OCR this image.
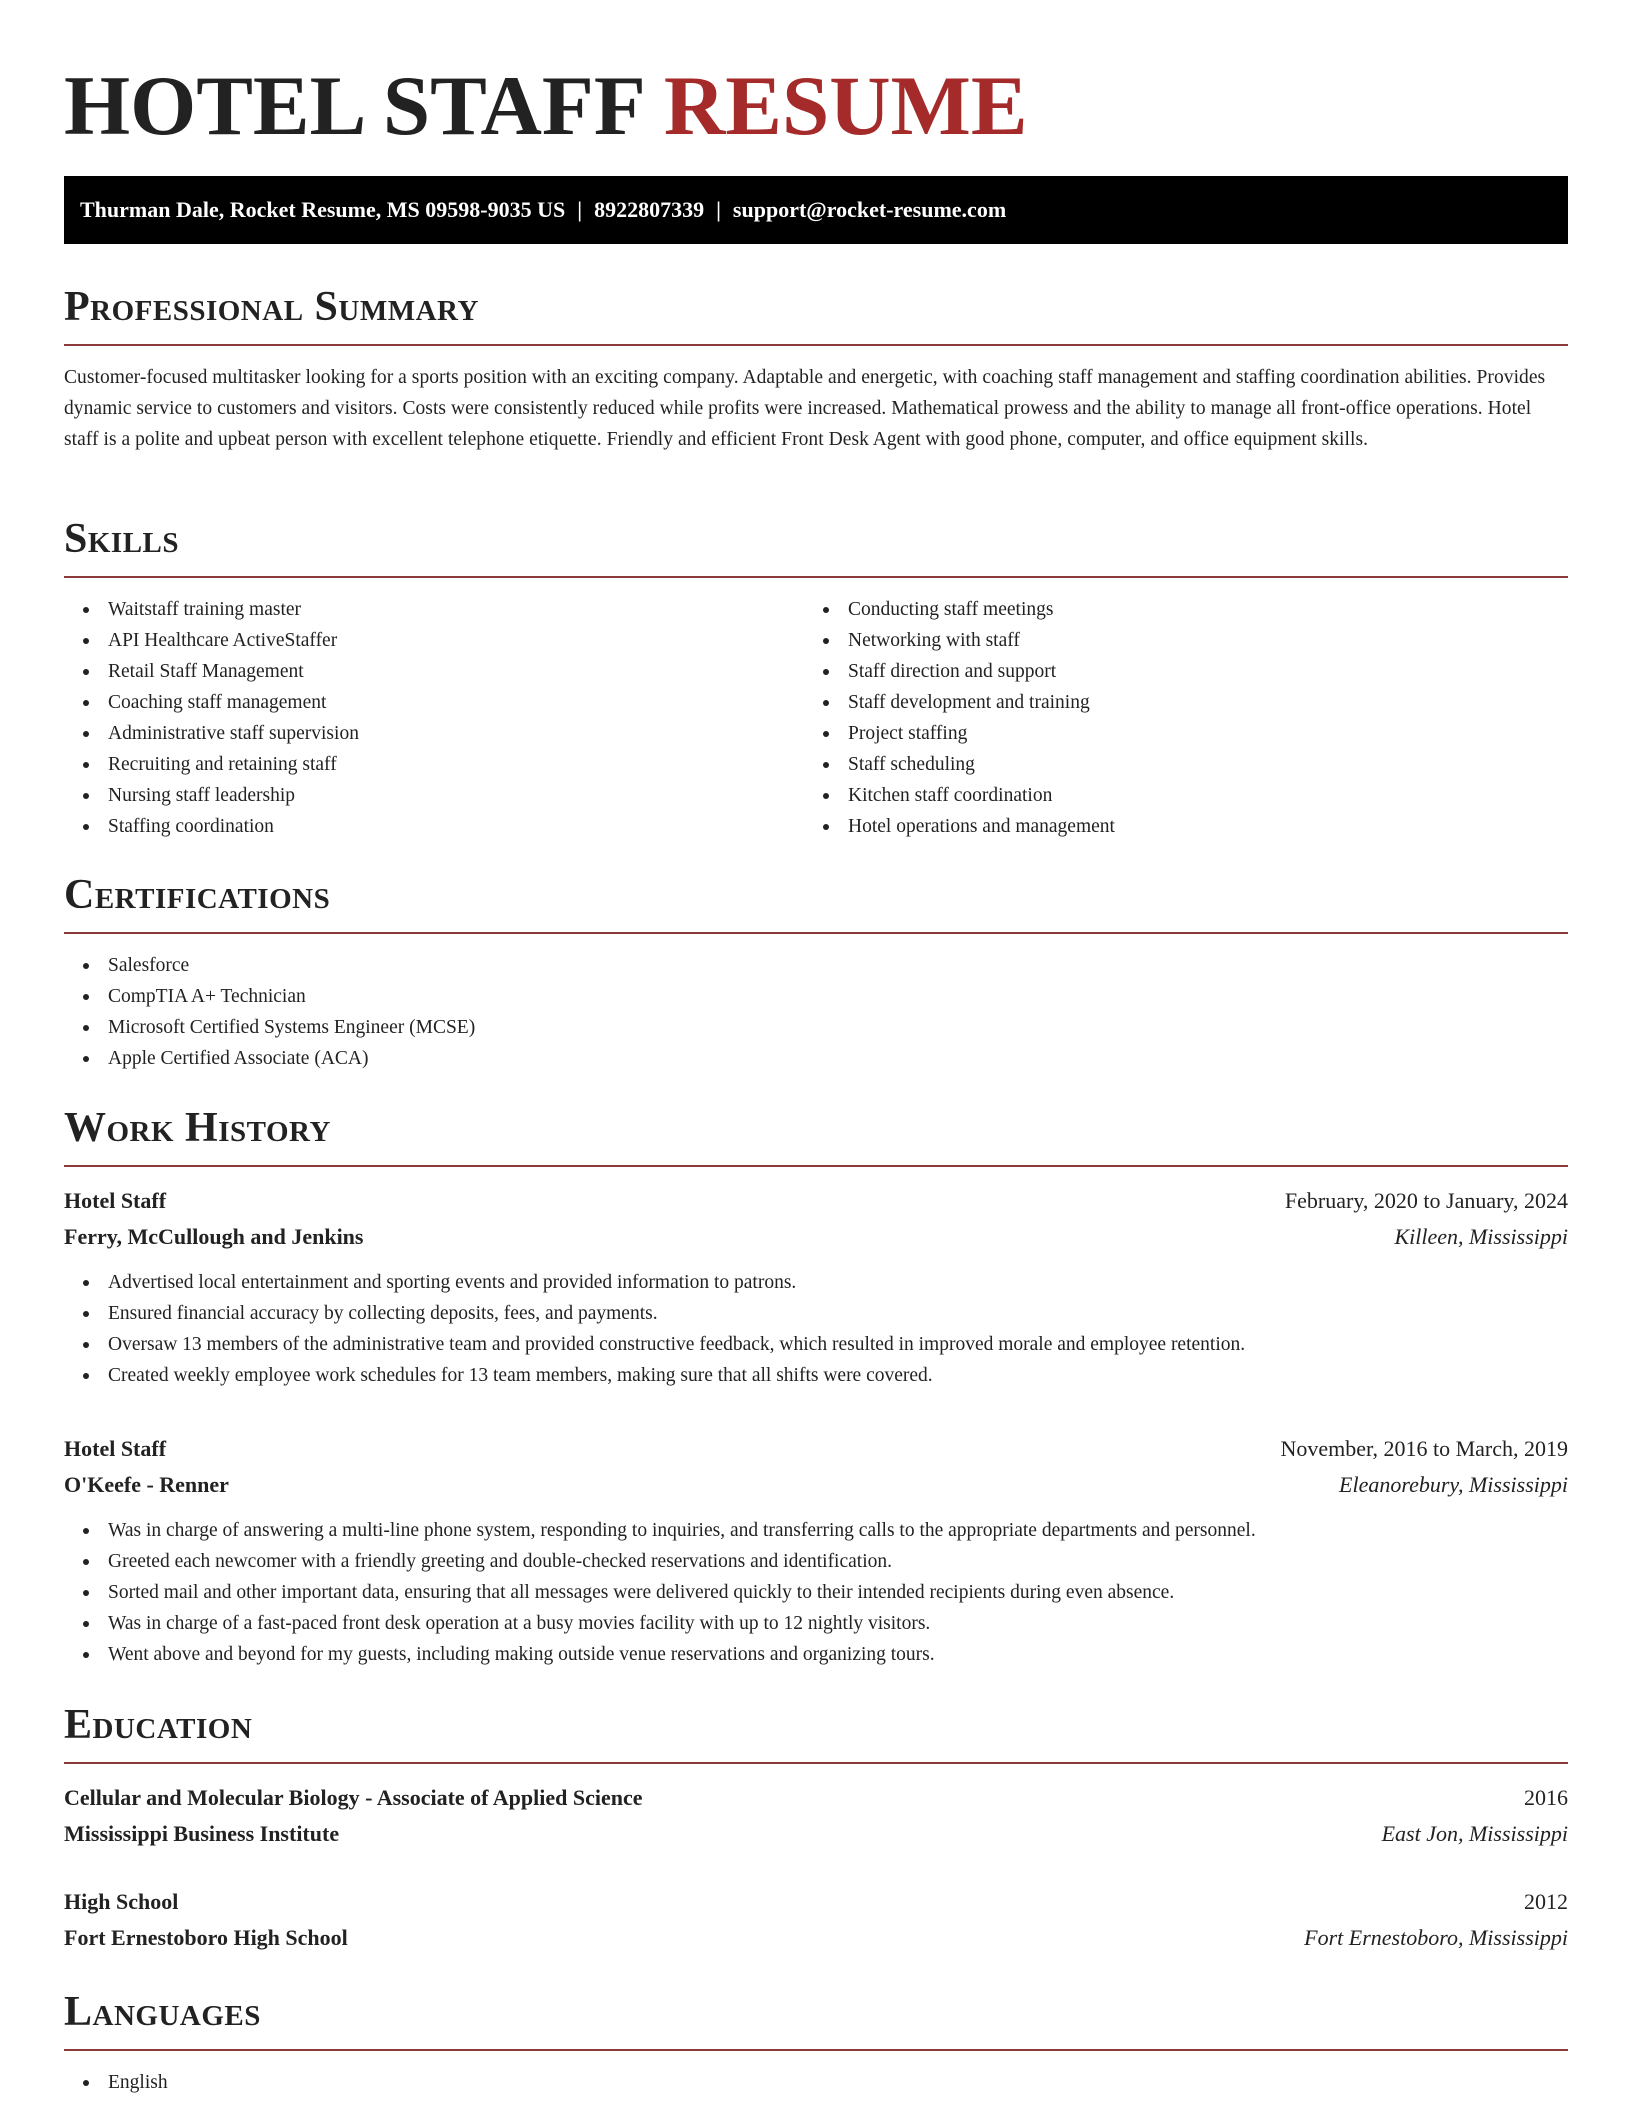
HOTEL STAFF RESUME
Thurman Dale, Rocket Resume, MS 09598-9035 US | 8922807339 | support@rocket-resume.com
Professional Summary

Customer-focused multitasker looking for a sports position with an exciting company. Adaptable and energetic, with coaching staff management and staffing coordination abilities. Provides dynamic service to customers and visitors. Costs were consistently reduced while profits were increased. Mathematical prowess and the ability to manage all front-office operations. Hotel staff is a polite and upbeat person with excellent telephone etiquette. Friendly and efficient Front Desk Agent with good phone, computer, and office equipment skills.

Skills
Waitstaff training master
API Healthcare ActiveStaffer
Retail Staff Management
Coaching staff management
Administrative staff supervision
Recruiting and retaining staff
Nursing staff leadership
Staffing coordination
Conducting staff meetings
Networking with staff
Staff direction and support
Staff development and training
Project staffing
Staff scheduling
Kitchen staff coordination
Hotel operations and management
Certifications
Salesforce
CompTIA A+ Technician
Microsoft Certified Systems Engineer (MCSE)
Apple Certified Associate (ACA)
Work History
Hotel Staff	February, 2020 to January, 2024
Ferry, McCullough and Jenkins	Killeen, Mississippi
Advertised local entertainment and sporting events and provided information to patrons.
Ensured financial accuracy by collecting deposits, fees, and payments.
Oversaw 13 members of the administrative team and provided constructive feedback, which resulted in improved morale and employee retention.
Created weekly employee work schedules for 13 team members, making sure that all shifts were covered.
Hotel Staff	November, 2016 to March, 2019
O'Keefe - Renner	Eleanorebury, Mississippi
Was in charge of answering a multi-line phone system, responding to inquiries, and transferring calls to the appropriate departments and personnel.
Greeted each newcomer with a friendly greeting and double-checked reservations and identification.
Sorted mail and other important data, ensuring that all messages were delivered quickly to their intended recipients during even absence.
Was in charge of a fast-paced front desk operation at a busy movies facility with up to 12 nightly visitors.
Went above and beyond for my guests, including making outside venue reservations and organizing tours.
Education
Cellular and Molecular Biology - Associate of Applied Science	2016
Mississippi Business Institute	East Jon, Mississippi
High School	2012
Fort Ernestoboro High School	Fort Ernestoboro, Mississippi
Languages
English
